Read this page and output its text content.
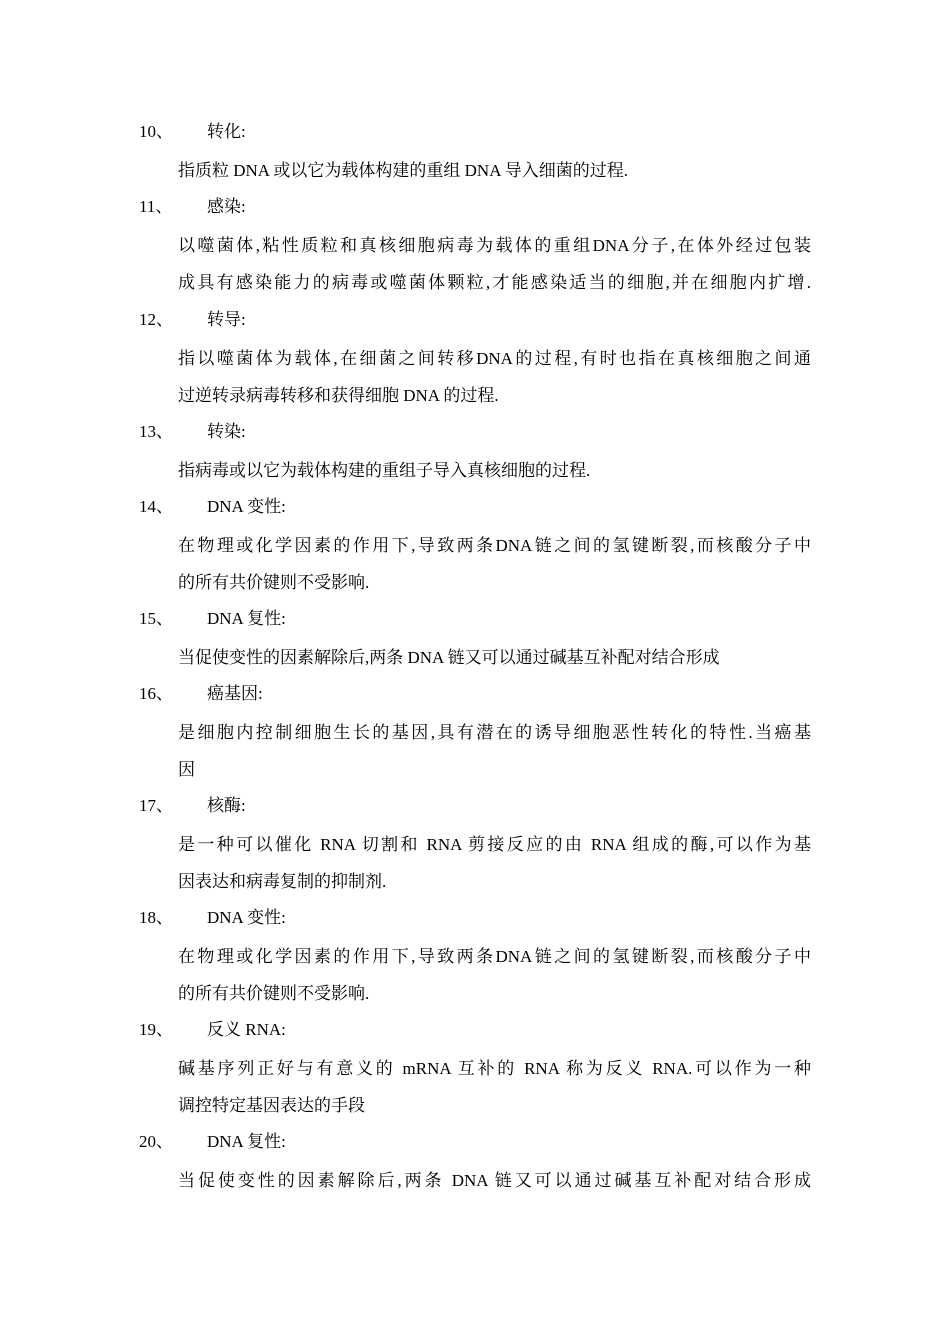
10、 转化:
指质粒 DNA 或以它为载体构建的重组 DNA 导入细菌的过程.
11、 感染:
以噬菌体,粘性质粒和真核细胞病毒为载体的重组DNA分子,在体外经过包装
成具有感染能力的病毒或噬菌体颗粒,才能感染适当的细胞,并在细胞内扩增.
12、 转导:
指以噬菌体为载体,在细菌之间转移DNA的过程,有时也指在真核细胞之间通
过逆转录病毒转移和获得细胞 DNA 的过程.
13、 转染:
指病毒或以它为载体构建的重组子导入真核细胞的过程.
14、 DNA 变性:
在物理或化学因素的作用下,导致两条DNA链之间的氢键断裂,而核酸分子中
的所有共价键则不受影响.
15、 DNA 复性:
当促使变性的因素解除后,两条 DNA 链又可以通过碱基互补配对结合形成
16、 癌基因:
是细胞内控制细胞生长的基因,具有潜在的诱导细胞恶性转化的特性.当癌基
因
17、 核酶:
是一种可以催化 RNA 切割和 RNA 剪接反应的由 RNA 组成的酶,可以作为基
因表达和病毒复制的抑制剂.
18、 DNA 变性:
在物理或化学因素的作用下,导致两条DNA链之间的氢键断裂,而核酸分子中
的所有共价键则不受影响.
19、 反义 RNA:
碱基序列正好与有意义的 mRNA 互补的 RNA 称为反义 RNA.可以作为一种
调控特定基因表达的手段
20、 DNA 复性:
当促使变性的因素解除后,两条 DNA 链又可以通过碱基互补配对结合形成
